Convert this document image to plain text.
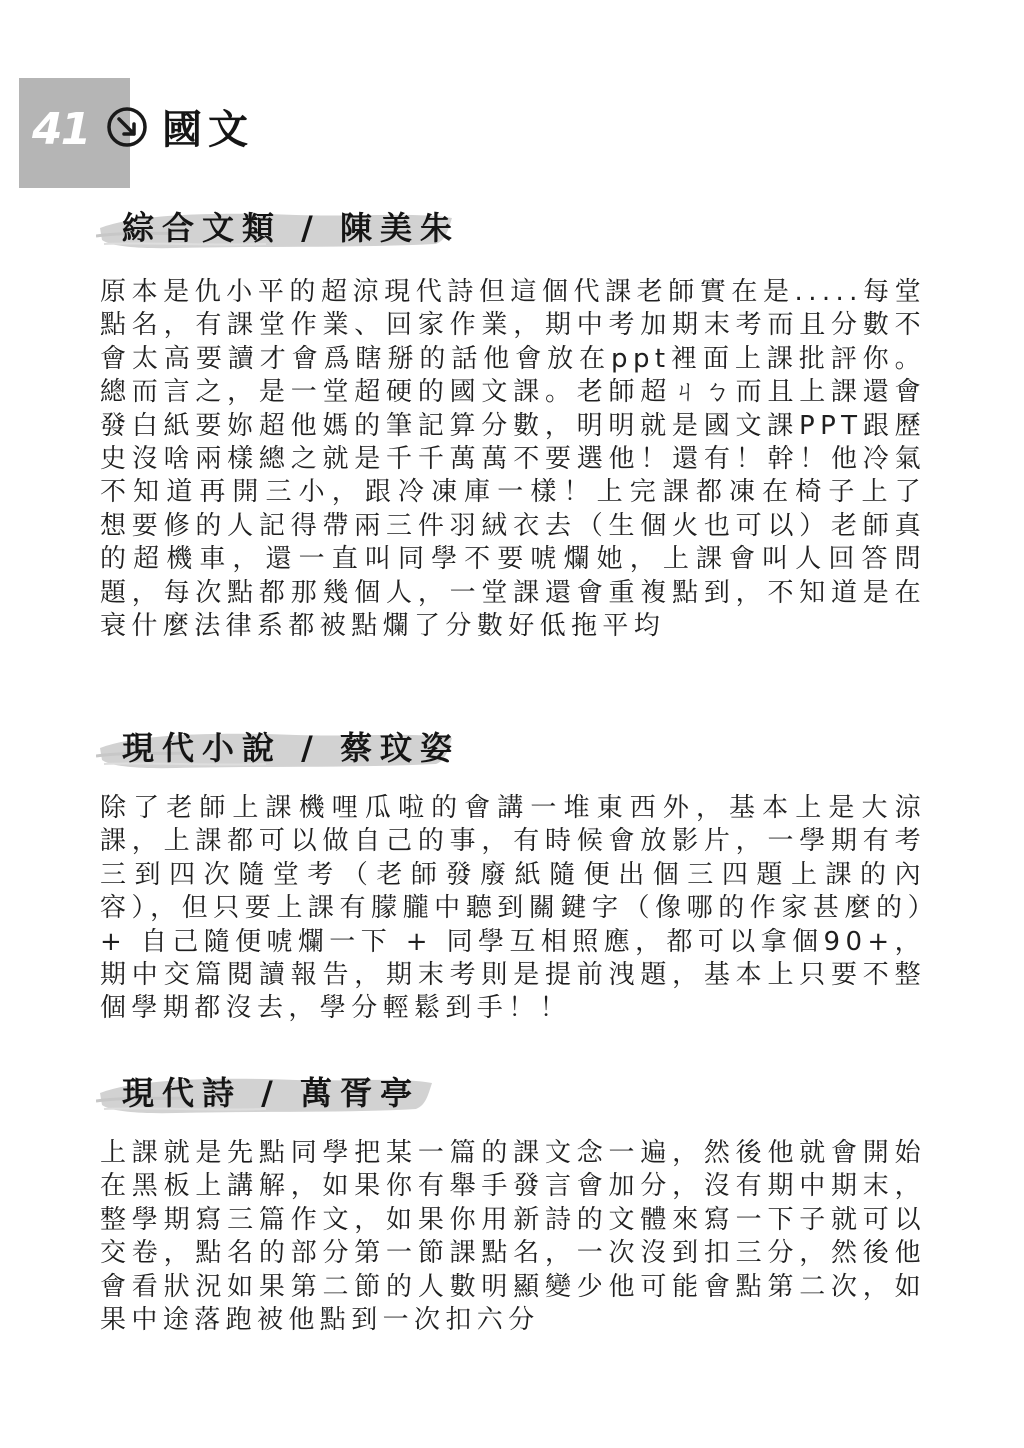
41 國文
綜合文類 / 陳美朱

原本是仇小平的超涼現代詩但這個代課老師實在是.....每堂點名，有課堂作業、回家作業，期中考加期末考而且分數不會太高要讀才會爲瞎掰的話他會放在ppt裡面上課批評你。總而言之，是一堂超硬的國文課。老師超ㄐㄅ而且上課還會發白紙要妳超他媽的筆記算分數，明明就是國文課PPT跟歷史沒啥兩樣總之就是千千萬萬不要選他！還有！幹！他冷氣不知道再開三小，跟冷凍庫一樣！上完課都凍在椅子上了 想要修的人記得帶兩三件羽絨衣去（生個火也可以）老師真的超機車，還一直叫同學不要唬爛她，上課會叫人回答問題，每次點都那幾個人，一堂課還會重複點到，不知道是在衰什麼法律系都被點爛了分數好低拖平均

現代小說 / 蔡玟姿

除了老師上課機哩瓜啦的會講一堆東西外，基本上是大涼課，上課都可以做自己的事，有時候會放影片，一學期有考三到四次隨堂考（老師發廢紙隨便出個三四題上課的內容），但只要上課有朦朧中聽到關鍵字（像哪的作家甚麼的）+ 自己隨便唬爛一下 + 同學互相照應，都可以拿個90+，期中交篇閱讀報告，期末考則是提前洩題，基本上只要不整個學期都沒去，學分輕鬆到手！！

現代詩 / 萬胥亭

上課就是先點同學把某一篇的課文念一遍，然後他就會開始在黑板上講解，如果你有舉手發言會加分，沒有期中期末，整學期寫三篇作文，如果你用新詩的文體來寫一下子就可以交卷，點名的部分第一節課點名，一次沒到扣三分，然後他會看狀況如果第二節的人數明顯變少他可能會點第二次，如果中途落跑被他點到一次扣六分
